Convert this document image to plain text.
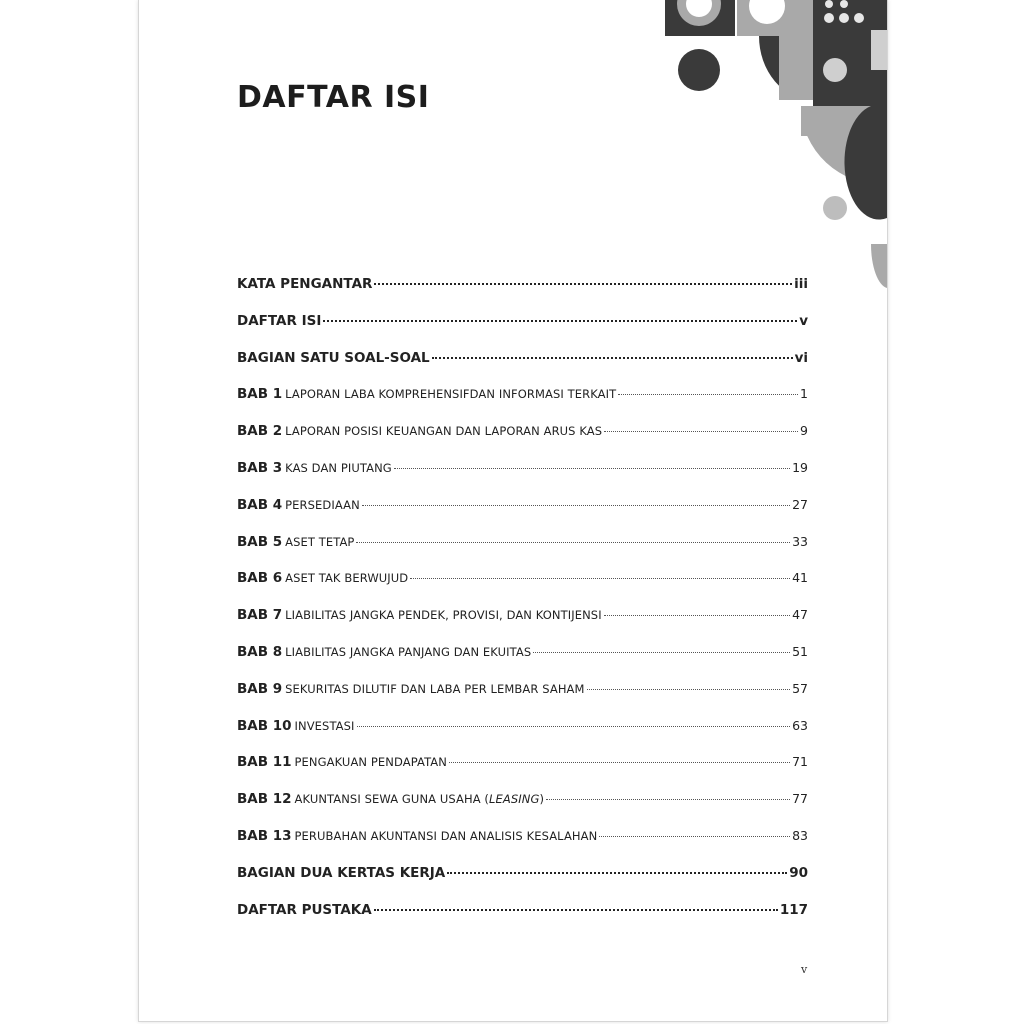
DAFTAR ISI
KATA PENGANTAR	iii
DAFTAR ISI	v
BAGIAN SATU SOAL-SOAL	vi
BAB 1 LAPORAN LABA KOMPREHENSIFDAN INFORMASI TERKAIT	1
BAB 2 LAPORAN POSISI KEUANGAN DAN LAPORAN ARUS KAS	9
BAB 3 KAS DAN PIUTANG	19
BAB 4 PERSEDIAAN	27
BAB 5 ASET TETAP	33
BAB 6 ASET TAK BERWUJUD	41
BAB 7 LIABILITAS JANGKA PENDEK, PROVISI, DAN KONTIJENSI	47
BAB 8 LIABILITAS JANGKA PANJANG DAN EKUITAS	51
BAB 9 SEKURITAS DILUTIF DAN LABA PER LEMBAR SAHAM	57
BAB 10 INVESTASI	63
BAB 11 PENGAKUAN PENDAPATAN	71
BAB 12 AKUNTANSI SEWA GUNA USAHA (LEASING)	77
BAB 13 PERUBAHAN AKUNTANSI DAN ANALISIS KESALAHAN	83
BAGIAN DUA KERTAS KERJA	90
DAFTAR PUSTAKA	117
v
